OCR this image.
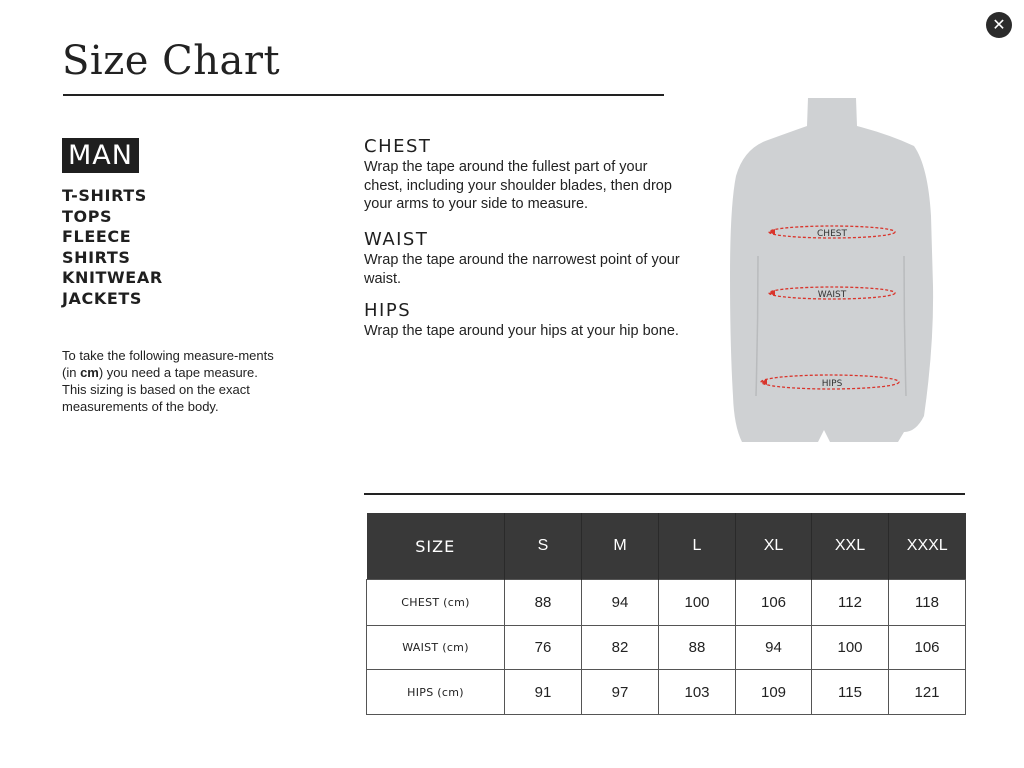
✕
Size Chart
MAN
T-SHIRTS
TOPS
FLEECE
SHIRTS
KNITWEAR
JACKETS

To take the following measure-ments (in cm) you need a tape measure.

This sizing is based on the exact measurements of the body.

CHEST
Wrap the tape around the fullest part of your chest, including your shoulder blades, then drop your arms to your side to measure.
WAIST
Wrap the tape around the narrowest point of your waist.
HIPS
Wrap the tape around your hips at your hip bone.
CHEST
WAIST
HIPS
SIZE	S	M	L	XL	XXL	XXXL
CHEST (cm)	88	94	100	106	112	118
WAIST (cm)	76	82	88	94	100	106
HIPS (cm)	91	97	103	109	115	121
